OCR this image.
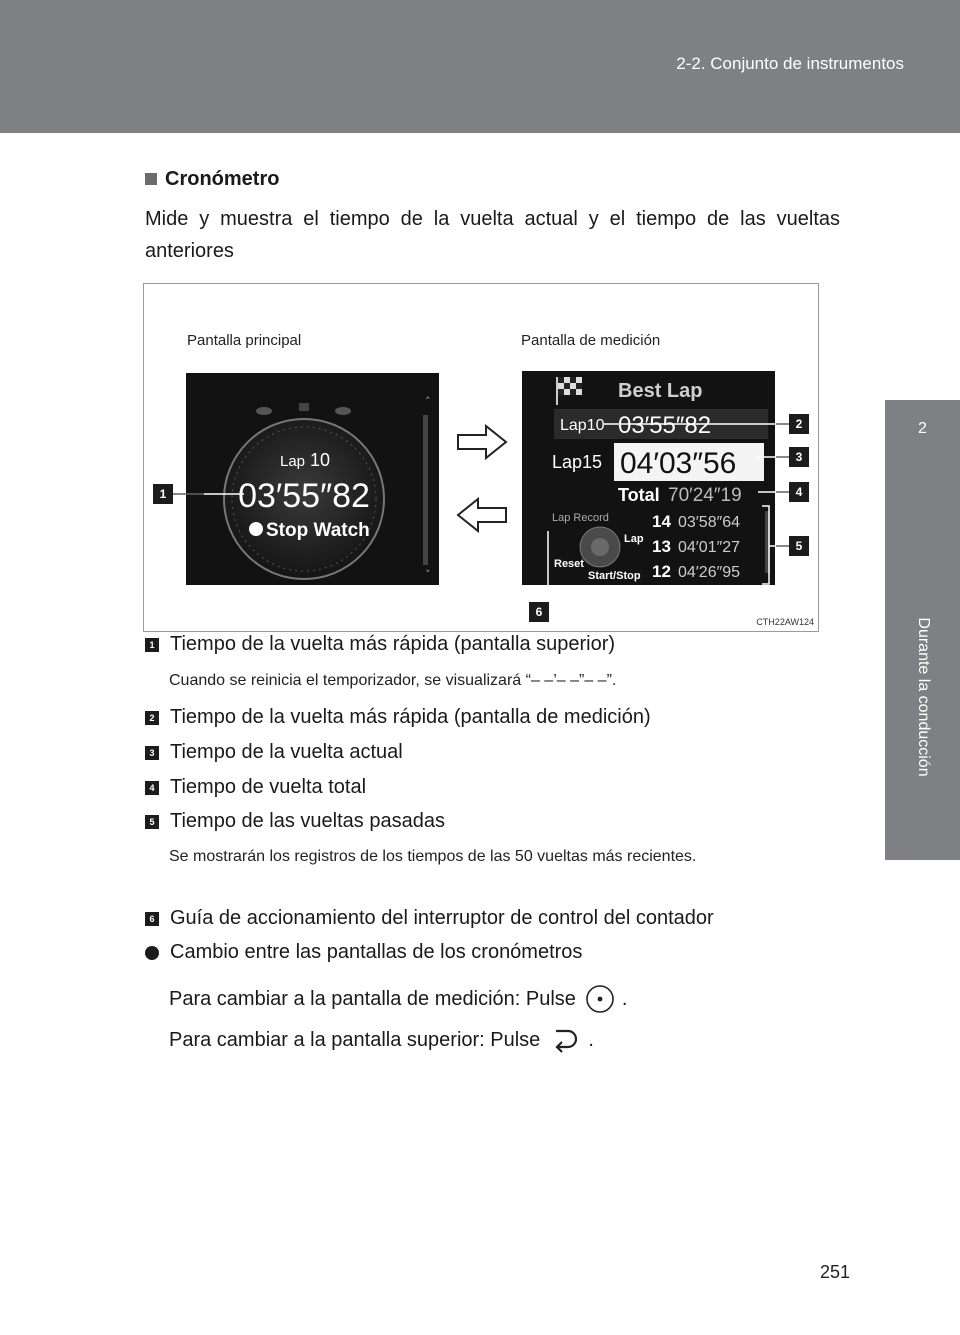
2-2. Conjunto de instrumentos
2
Durante la conducción
Cronómetro

Mide y muestra el tiempo de la vuelta actual y el tiempo de las vueltas anteriores

Pantalla principal	Pantalla de medición
Lap 10
03′55″82
Stop Watch
˄
˅
Best Lap
Lap10 03′55″82
Lap15 04′03″56
Total 70′24″19
Lap Record	14 03′58″64
13 04′01″27
12 04′26″95
Reset
Lap
Start/Stop
1
2
3
4
5
6
CTH22AW124
1 Tiempo de la vuelta más rápida (pantalla superior)
Cuando se reinicia el temporizador, se visualizará “– –’– –”– –”.
2 Tiempo de la vuelta más rápida (pantalla de medición)
3 Tiempo de la vuelta actual
4 Tiempo de vuelta total
5 Tiempo de las vueltas pasadas
Se mostrarán los registros de los tiempos de las 50 vueltas más recientes.
6 Guía de accionamiento del interruptor de control del contador
Cambio entre las pantallas de los cronómetros
Para cambiar a la pantalla de medición: Pulse .
Para cambiar a la pantalla superior: Pulse .
251
